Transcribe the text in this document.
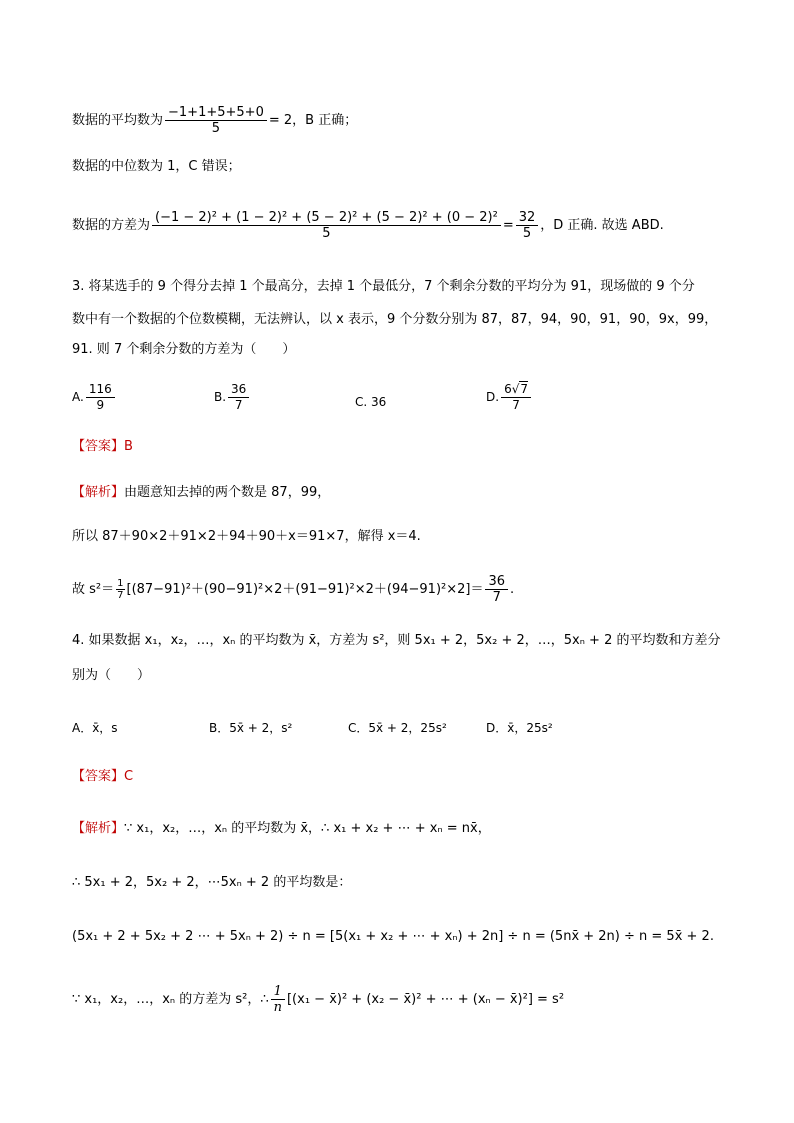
数据的平均数为 $\frac{-1+1+5+5+0}{5} = 2$，B 正确；
数据的中位数为 1，C 错误；
数据的方差为 $\frac{\text{(−1 − 2)² + (1 − 2)² + (5 − 2)² + (5 − 2)² + (0 − 2)²}}{5} = \frac{32}{5}$ ，D 正确. 故选 ABD.
3. 将某选手的 9 个得分去掉 1 个最高分，去掉 1 个最低分，7 个剩余分数的平均分为 91，现场做的 9 个分
数中有一个数据的个位数模糊，无法辨认，以 x 表示，9 个分数分别为 87，87，94，90，91，90，9x，99，
91. 则 7 个剩余分数的方差为（　　）
A. $\frac{116}{9}$	B. $\frac{36}{7}$	C. 36	D. $\frac{6√7}{7}$
【答案】B
【解析】由题意知去掉的两个数是 87，99，
所以 87＋90×2＋91×2＋94＋90＋x＝91×7，解得 x＝4.
故 $s^2= \frac{1}{7} [(87-91)^2+(90-91)^2\times 2+(91-91)^2\times 2+(94-91)^2\times 2]= \frac{36}{7}$ .
4. 如果数据 x₁，x₂，…，xₙ 的平均数为 x̄，方差为 s²，则 5x₁ + 2，5x₂ + 2，…，5xₙ + 2 的平均数和方差分
别为（　　）
A．x̄，s	B．5x̄ + 2，s²	C．5x̄ + 2，25s²	D．x̄，25s²
【答案】C
【解析】∵ x₁，x₂，…，xₙ 的平均数为 x̄，∴ x₁ + x₂ + ⋯ + xₙ = nx̄，
∴ 5x₁ + 2，5x₂ + 2，⋯5xₙ + 2 的平均数是：
(5x₁ + 2 + 5x₂ + 2 ⋯ + 5xₙ + 2) ÷ n = [5(x₁ + x₂ + ⋯ + xₙ) + 2n] ÷ n = (5nx̄ + 2n) ÷ n = 5x̄ + 2.
∵ x₁，x₂，…，xₙ 的方差为 s²，∴ $\frac{1}{n} [(x_1$ − x̄)² + (x₂ − x̄)² + ⋯ + (xₙ − x̄)²] = s²
